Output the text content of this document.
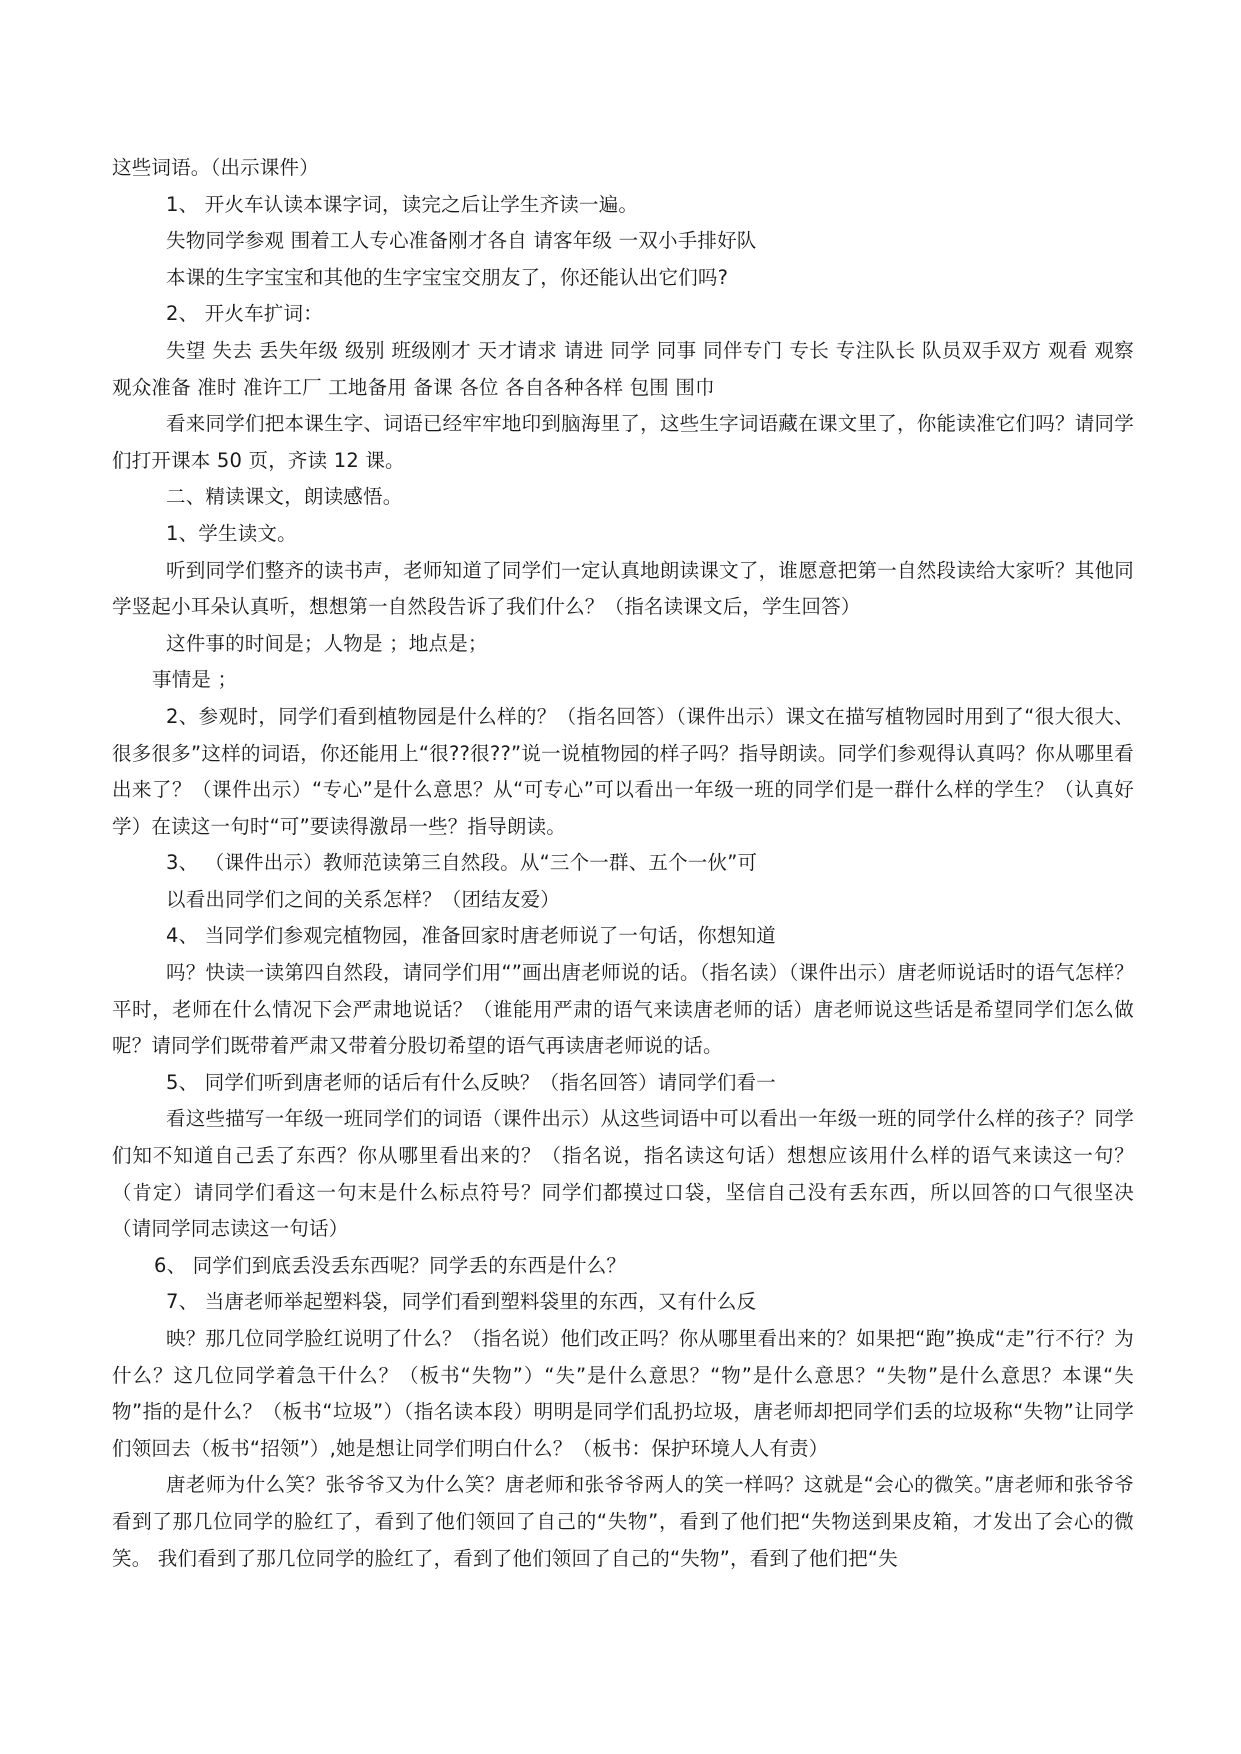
这些词语。（出示课件）

1、 开火车认读本课字词，读完之后让学生齐读一遍。

失物同学参观 围着工人专心准备刚才各自 请客年级 一双小手排好队

本课的生字宝宝和其他的生字宝宝交朋友了，你还能认出它们吗?

2、 开火车扩词：

失望 失去 丢失年级 级别 班级刚才 天才请求 请进 同学 同事 同伴专门 专长 专注队长 队员双手双方 观看 观察 观众准备 准时 准许工厂 工地备用 备课 各位 各自各种各样 包围 围巾

看来同学们把本课生字、词语已经牢牢地印到脑海里了，这些生字词语藏在课文里了，你能读准它们吗？请同学们打开课本 50 页，齐读 12 课。

二、精读课文，朗读感悟。

1、学生读文。

听到同学们整齐的读书声，老师知道了同学们一定认真地朗读课文了，谁愿意把第一自然段读给大家听？其他同学竖起小耳朵认真听，想想第一自然段告诉了我们什么？（指名读课文后，学生回答）

这件事的时间是；人物是 ；地点是；

事情是 ；

2、参观时，同学们看到植物园是什么样的？（指名回答）（课件出示）课文在描写植物园时用到了“很大很大、很多很多”这样的词语，你还能用上“很??很??”说一说植物园的样子吗？指导朗读。同学们参观得认真吗？你从哪里看出来了？（课件出示）“专心”是什么意思？从“可专心”可以看出一年级一班的同学们是一群什么样的学生？（认真好学）在读这一句时“可”要读得激昂一些？指导朗读。

3、 （课件出示）教师范读第三自然段。从“三个一群、五个一伙”可

以看出同学们之间的关系怎样？（团结友爱）

4、 当同学们参观完植物园，准备回家时唐老师说了一句话，你想知道

吗？快读一读第四自然段，请同学们用“”画出唐老师说的话。（指名读）（课件出示）唐老师说话时的语气怎样？平时，老师在什么情况下会严肃地说话？（谁能用严肃的语气来读唐老师的话）唐老师说这些话是希望同学们怎么做呢？请同学们既带着严肃又带着分股切希望的语气再读唐老师说的话。

5、 同学们听到唐老师的话后有什么反映？（指名回答）请同学们看一

看这些描写一年级一班同学们的词语（课件出示）从这些词语中可以看出一年级一班的同学什么样的孩子？同学们知不知道自己丢了东西？你从哪里看出来的？（指名说，指名读这句话）想想应该用什么样的语气来读这一句？（肯定）请同学们看这一句末是什么标点符号？同学们都摸过口袋，坚信自己没有丢东西，所以回答的口气很坚决（请同学同志读这一句话）

6、 同学们到底丢没丢东西呢？同学丢的东西是什么？

7、 当唐老师举起塑料袋，同学们看到塑料袋里的东西，又有什么反

映？那几位同学脸红说明了什么？（指名说）他们改正吗？你从哪里看出来的？如果把“跑”换成“走”行不行？为什么？这几位同学着急干什么？（板书“失物”）“失”是什么意思？“物”是什么意思？“失物”是什么意思？本课“失物”指的是什么？（板书“垃圾”）（指名读本段）明明是同学们乱扔垃圾，唐老师却把同学们丢的垃圾称“失物”让同学们领回去（板书“招领”）,她是想让同学们明白什么？（板书：保护环境人人有责）

唐老师为什么笑？张爷爷又为什么笑？唐老师和张爷爷两人的笑一样吗？这就是“会心的微笑。”唐老师和张爷爷看到了那几位同学的脸红了，看到了他们领回了自己的“失物”，看到了他们把“失物送到果皮箱，才发出了会心的微笑。 我们看到了那几位同学的脸红了，看到了他们领回了自己的“失物”，看到了他们把“失
